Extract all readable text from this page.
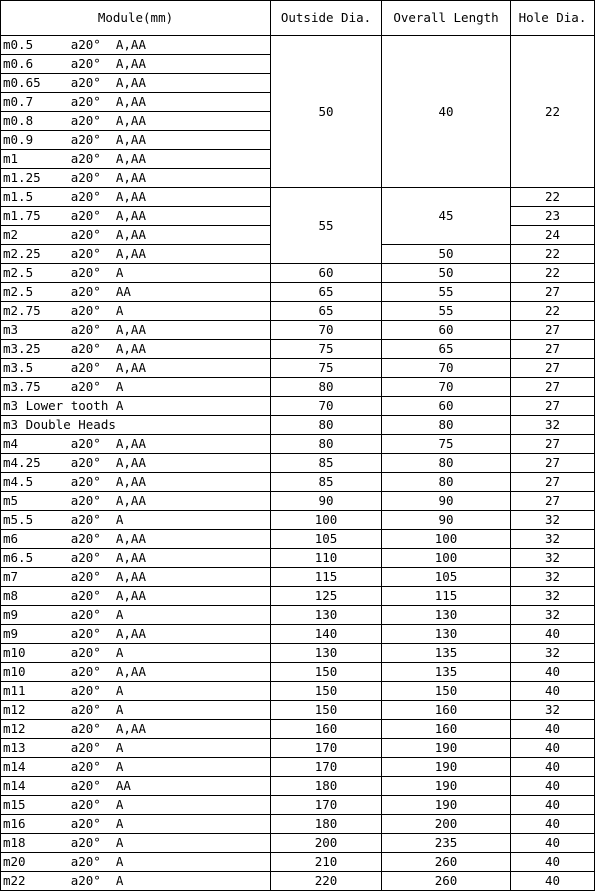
Module(mm)	Outside Dia.	Overall Length	Hole Dia.
m0.5     a20°  A,AA	50	40	22
m0.6     a20°  A,AA			
m0.65    a20°  A,AA			
m0.7     a20°  A,AA			
m0.8     a20°  A,AA			
m0.9     a20°  A,AA			
m1       a20°  A,AA			
m1.25    a20°  A,AA			
m1.5     a20°  A,AA	55	45	22
m1.75    a20°  A,AA			23
m2       a20°  A,AA			24
m2.25    a20°  A,AA		50	22
m2.5     a20°  A	60	50	22
m2.5     a20°  AA	65	55	27
m2.75    a20°  A	65	55	22
m3       a20°  A,AA	70	60	27
m3.25    a20°  A,AA	75	65	27
m3.5     a20°  A,AA	75	70	27
m3.75    a20°  A	80	70	27
m3 Lower tooth A	70	60	27
m3 Double Heads	80	80	32
m4       a20°  A,AA	80	75	27
m4.25    a20°  A,AA	85	80	27
m4.5     a20°  A,AA	85	80	27
m5       a20°  A,AA	90	90	27
m5.5     a20°  A	100	90	32
m6       a20°  A,AA	105	100	32
m6.5     a20°  A,AA	110	100	32
m7       a20°  A,AA	115	105	32
m8       a20°  A,AA	125	115	32
m9       a20°  A	130	130	32
m9       a20°  A,AA	140	130	40
m10      a20°  A	130	135	32
m10      a20°  A,AA	150	135	40
m11      a20°  A	150	150	40
m12      a20°  A	150	160	32
m12      a20°  A,AA	160	160	40
m13      a20°  A	170	190	40
m14      a20°  A	170	190	40
m14      a20°  AA	180	190	40
m15      a20°  A	170	190	40
m16      a20°  A	180	200	40
m18      a20°  A	200	235	40
m20      a20°  A	210	260	40
m22      a20°  A	220	260	40
